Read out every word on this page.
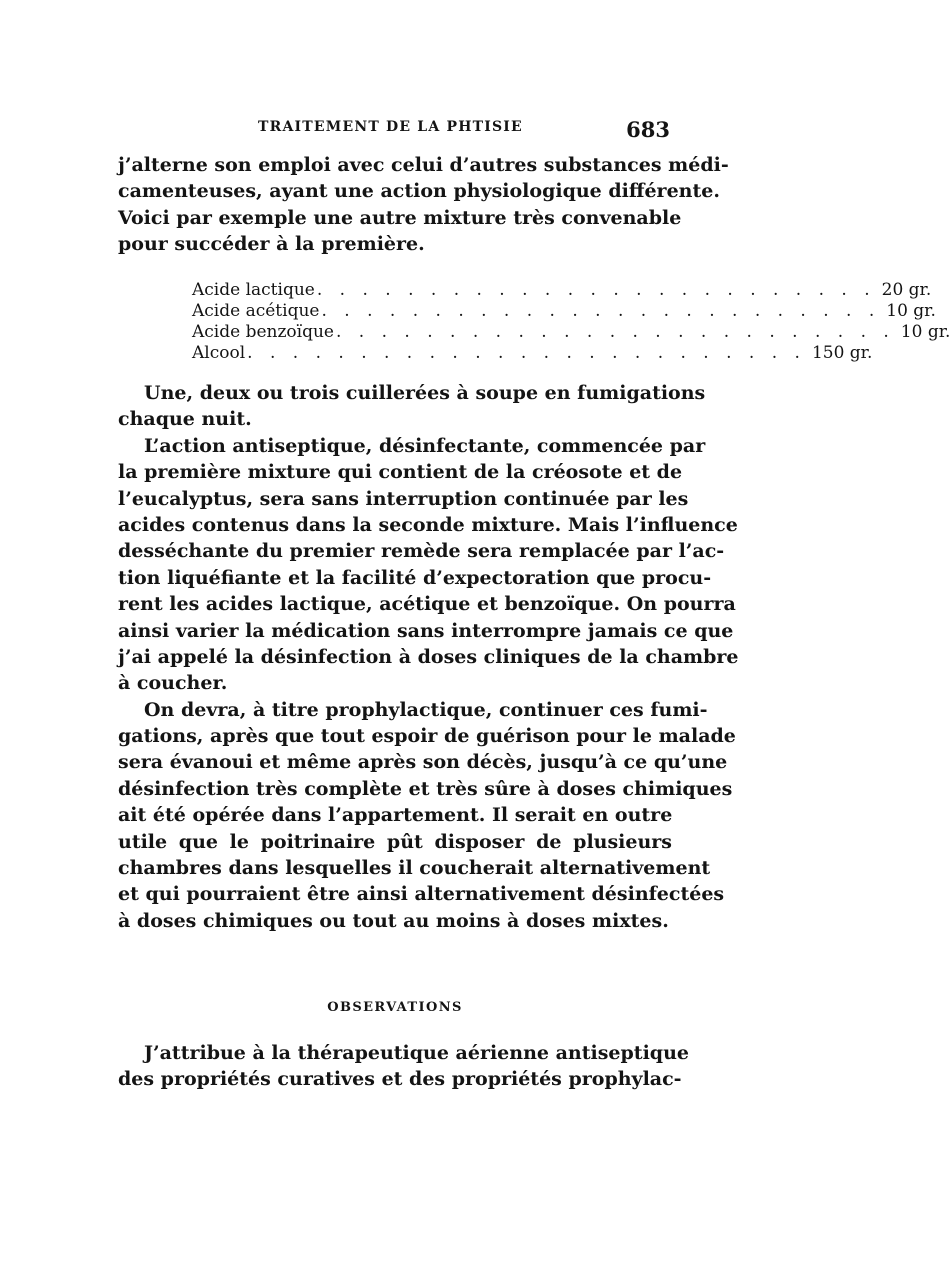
TRAITEMENT DE LA PHTISIE	683
j’alterne son emploi avec celui d’autres substances médi-
camenteuses, ayant une action physiologique différente.
Voici par exemple une autre mixture très convenable
pour succéder à la première.
Acide lactique . . . . . . . . . . . . . . . . . . . . . . . . . 20 gr.
Acide acétique . . . . . . . . . . . . . . . . . . . . . . . . . 10 gr.
Acide benzoïque . . . . . . . . . . . . . . . . . . . . . . . . . 10 gr.
Alcool . . . . . . . . . . . . . . . . . . . . . . . . . 150 gr.
Une, deux ou trois cuillerées à soupe en fumigations
chaque nuit.
L’action antiseptique, désinfectante, commencée par
la première mixture qui contient de la créosote et de
l’eucalyptus, sera sans interruption continuée par les
acides contenus dans la seconde mixture. Mais l’influence
desséchante du premier remède sera remplacée par l’ac-
tion liquéfiante et la facilité d’expectoration que procu-
rent les acides lactique, acétique et benzoïque. On pourra
ainsi varier la médication sans interrompre jamais ce que
j’ai appelé la désinfection à doses cliniques de la chambre
à coucher.
On devra, à titre prophylactique, continuer ces fumi-
gations, après que tout espoir de guérison pour le malade
sera évanoui et même après son décès, jusqu’à ce qu’une
désinfection très complète et très sûre à doses chimiques
ait été opérée dans l’appartement. Il serait en outre
utile que le poitrinaire pût disposer de plusieurs
chambres dans lesquelles il coucherait alternativement
et qui pourraient être ainsi alternativement désinfectées
à doses chimiques ou tout au moins à doses mixtes.
OBSERVATIONS
J’attribue à la thérapeutique aérienne antiseptique
des propriétés curatives et des propriétés prophylac-
